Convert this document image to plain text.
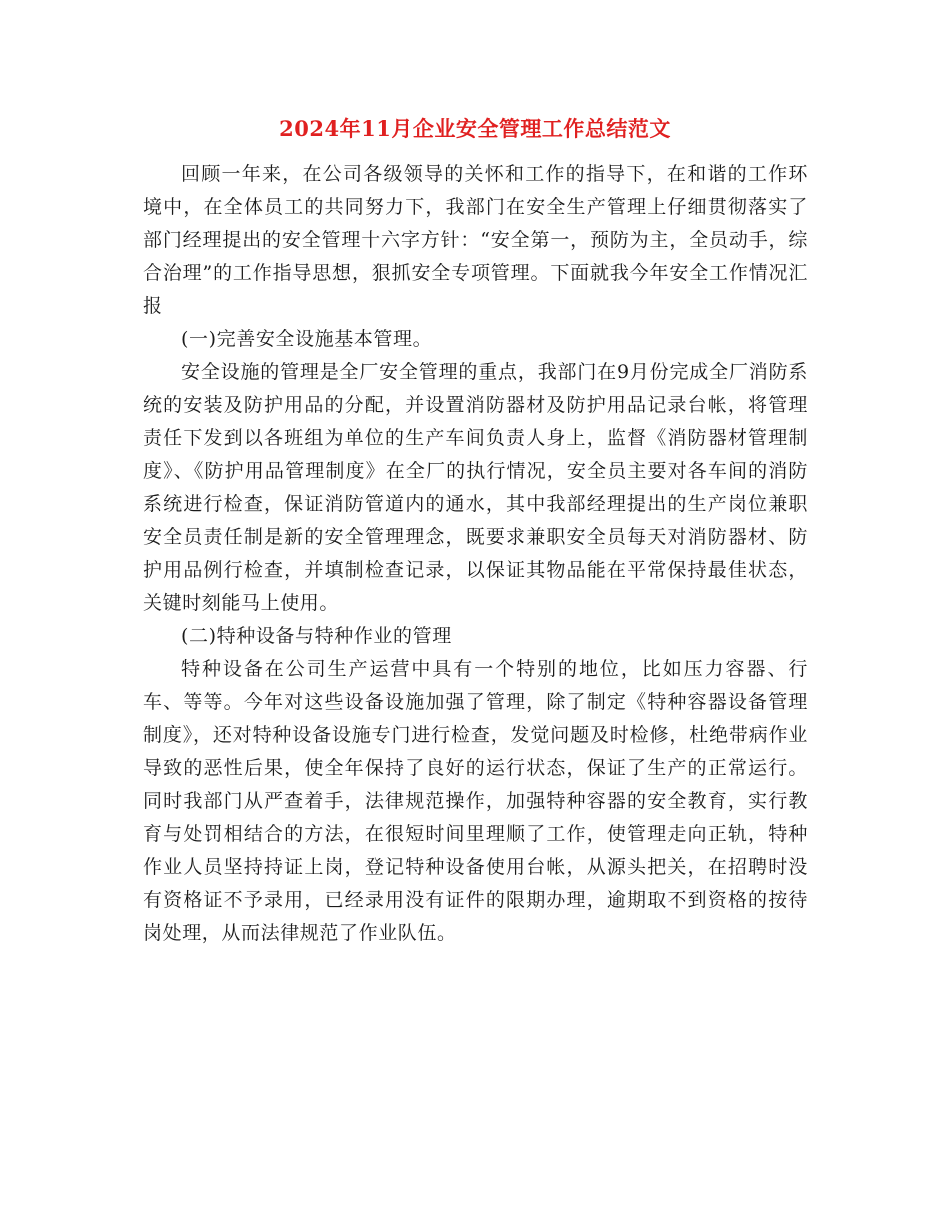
2024年11月企业安全管理工作总结范文

回顾一年来，在公司各级领导的关怀和工作的指导下，在和谐的工作环境中，在全体员工的共同努力下，我部门在安全生产管理上仔细贯彻落实了部门经理提出的安全管理十六字方针：“安全第一，预防为主，全员动手，综合治理”的工作指导思想，狠抓安全专项管理。下面就我今年安全工作情况汇报

(一)完善安全设施基本管理。

安全设施的管理是全厂安全管理的重点，我部门在9月份完成全厂消防系统的安装及防护用品的分配，并设置消防器材及防护用品记录台帐，将管理责任下发到以各班组为单位的生产车间负责人身上，监督《消防器材管理制度》、《防护用品管理制度》在全厂的执行情况，安全员主要对各车间的消防系统进行检查，保证消防管道内的通水，其中我部经理提出的生产岗位兼职安全员责任制是新的安全管理理念，既要求兼职安全员每天对消防器材、防护用品例行检查，并填制检查记录，以保证其物品能在平常保持最佳状态，关键时刻能马上使用。

(二)特种设备与特种作业的管理

特种设备在公司生产运营中具有一个特别的地位，比如压力容器、行车、等等。今年对这些设备设施加强了管理，除了制定《特种容器设备管理制度》，还对特种设备设施专门进行检查，发觉问题及时检修，杜绝带病作业导致的恶性后果，使全年保持了良好的运行状态，保证了生产的正常运行。同时我部门从严查着手，法律规范操作，加强特种容器的安全教育，实行教育与处罚相结合的方法，在很短时间里理顺了工作，使管理走向正轨，特种作业人员坚持持证上岗，登记特种设备使用台帐，从源头把关，在招聘时没有资格证不予录用，已经录用没有证件的限期办理，逾期取不到资格的按待岗处理，从而法律规范了作业队伍。
